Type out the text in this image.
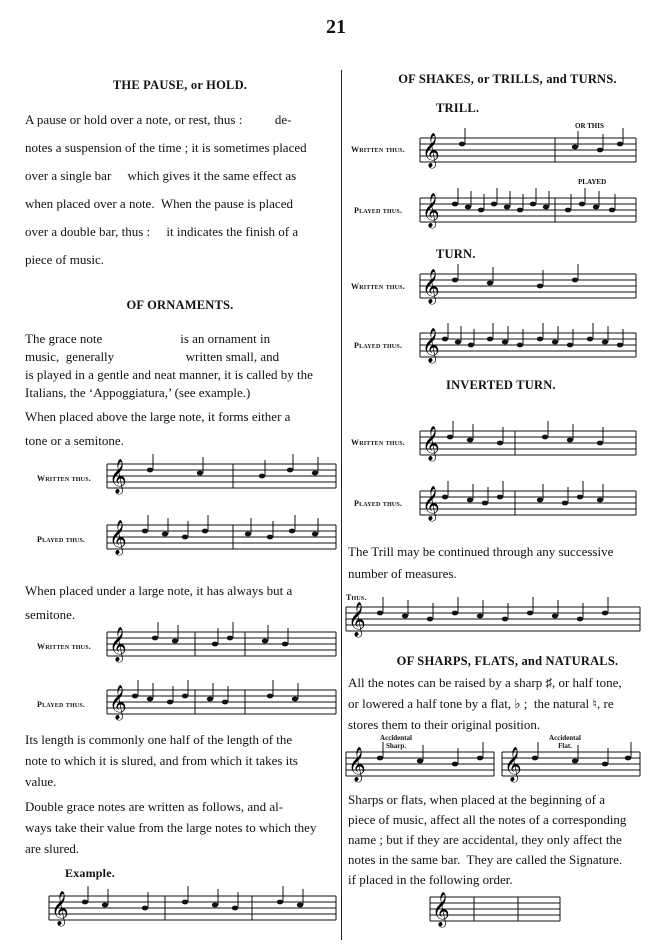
21
THE PAUSE, or HOLD.
A pause or hold over a note, or rest, thus :          de-
notes a suspension of the time ; it is sometimes placed
over a single bar     which gives it the same effect as
when placed over a note.  When the pause is placed
over a double bar, thus :     it indicates the finish of a
piece of music.
OF ORNAMENTS.
The grace note                        is an ornament in
music,  generally                      written small, and
is played in a gentle and neat manner, it is called by the
Italians, the ‘Appoggiatura,’ (see example.)
When placed above the large note, it forms either a
tone or a semitone.
Written thus.
Played thus.
When placed under a large note, it has always but a
semitone.
Written thus.
Played thus.
Its length is commonly one half of the length of the
note to which it is slured, and from which it takes its
value.
Double grace notes are written as follows, and al-
ways take their value from the large notes to which they
are slured.
Example.
OF SHAKES, or TRILLS, and TURNS.
TRILL.
OR THIS
PLAYED
Written thus.
Played thus.
TURN.
Written thus.
Played thus.
INVERTED TURN.
Written thus.
Played thus.
The Trill may be continued through any successive
number of measures.
Thus.
OF SHARPS, FLATS, and NATURALS.
All the notes can be raised by a sharp ♯, or half tone,
or lowered a half tone by a flat, ♭ ;  the natural ♮, re
stores them to their original position.
Accidental Sharp.
Accidental Flat.
Sharps or flats, when placed at the beginning of a
piece of music, affect all the notes of a corresponding
name ; but if they are accidental, they only affect the
notes in the same bar.  They are called the Signature.
if placed in the following order.
𝄞
𝄞
𝄞
𝄞
𝄞
𝄞
𝄞
𝄞
𝄞
𝄞
𝄞
𝄞
𝄞	𝄞
𝄞
